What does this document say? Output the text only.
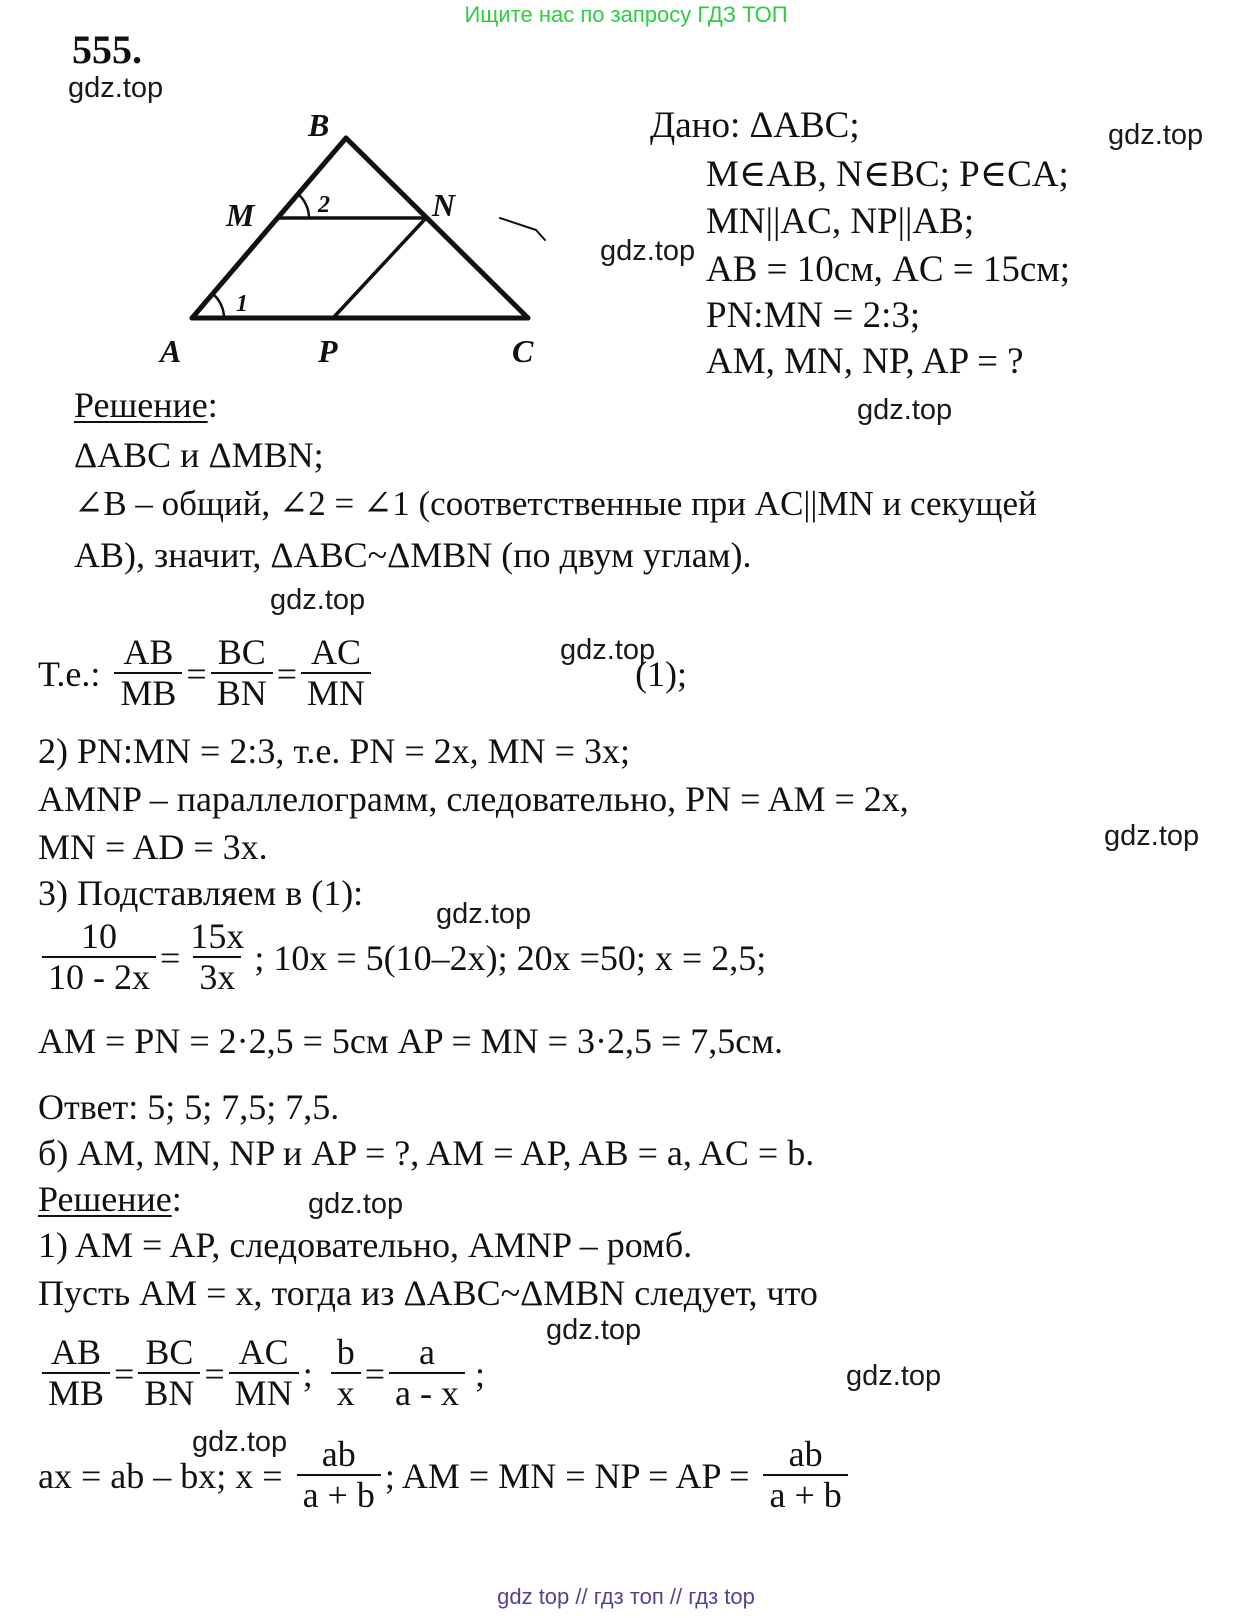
Ищите нас по запросу ГДЗ ТОП
gdz top // гдз топ // гдз top
555.
gdz.top
gdz.top
gdz.top
gdz.top
gdz.top
gdz.top
gdz.top
gdz.top
gdz.top
gdz.top
gdz.top
gdz.top
B
M	N
A	P	C
1
2
Дано: ΔABC;
M∈AB, N∈BC; P∈CA;
MN||AC, NP||AB;
AB = 10см, AC = 15см;
PN:MN = 2:3;
AM, MN, NP, AP = ?
Решение:
ΔABC и ΔMBN;
∠B – общий, ∠2 = ∠1 (соответственные при AC||MN и секущей
AB), значит, ΔABC~ΔMBN (по двум углам).
Т.е.: $\frac{AB}{MB} = \frac{BC}{BN} = \frac{AC}{MN}$	(1);
2) PN:MN = 2:3, т.е. PN = 2x, MN = 3x;
AMNP – параллелограмм, следовательно, PN = AM = 2x,
MN = AD = 3x.
3) Подставляем в (1):
$\frac{10}{10 - 2x} = \frac{15x}{3x}$ ; 10x = 5(10–2x); 20x =50; x = 2,5;
AM = PN = 2·2,5 = 5см AP = MN = 3·2,5 = 7,5см.
Ответ: 5; 5; 7,5; 7,5.
б) AM, MN, NP и AP = ?, AM = AP, AB = a, AC = b.
Решение:
1) AM = AP, следовательно, AMNP – ромб.
Пусть AM = x, тогда из ΔABC~ΔMBN следует, что
$\frac{AB}{MB} = \frac{BC}{BN} = \frac{AC}{MN}$ ; $\frac{b}{x} = \frac{a}{a - x}$ ;
ax = ab – bx; $x = \frac{ab}{a + b}$ ; AM = MN = NP = AP = $\frac{ab}{a + b}$
